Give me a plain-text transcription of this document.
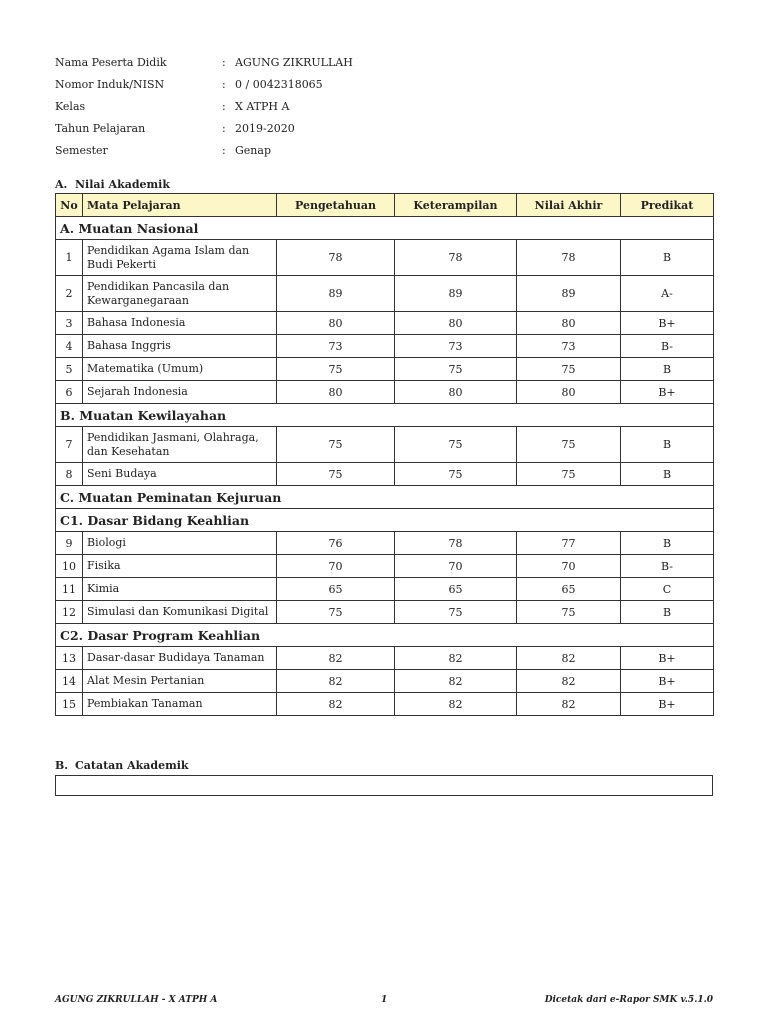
Nama Peserta Didik	: AGUNG ZIKRULLAH
Nomor Induk/NISN	: 0 / 0042318065
Kelas	: X ATPH A
Tahun Pelajaran	: 2019-2020
Semester	: Genap
A. Nilai Akademik
No	Mata Pelajaran	Pengetahuan	Keterampilan	Nilai Akhir	Predikat
A. Muatan Nasional					
1	Pendidikan Agama Islam dan Budi Pekerti	78	78	78	B
2	Pendidikan Pancasila dan Kewarganegaraan	89	89	89	A-
3	Bahasa Indonesia	80	80	80	B+
4	Bahasa Inggris	73	73	73	B-
5	Matematika (Umum)	75	75	75	B
6	Sejarah Indonesia	80	80	80	B+
B. Muatan Kewilayahan					
7	Pendidikan Jasmani, Olahraga, dan Kesehatan	75	75	75	B
8	Seni Budaya	75	75	75	B
C. Muatan Peminatan Kejuruan					
C1. Dasar Bidang Keahlian					
9	Biologi	76	78	77	B
10	Fisika	70	70	70	B-
11	Kimia	65	65	65	C
12	Simulasi dan Komunikasi Digital	75	75	75	B
C2. Dasar Program Keahlian					
13	Dasar-dasar Budidaya Tanaman	82	82	82	B+
14	Alat Mesin Pertanian	82	82	82	B+
15	Pembiakan Tanaman	82	82	82	B+
B. Catatan Akademik
AGUNG ZIKRULLAH - X ATPH A	1	Dicetak dari e-Rapor SMK v.5.1.0
